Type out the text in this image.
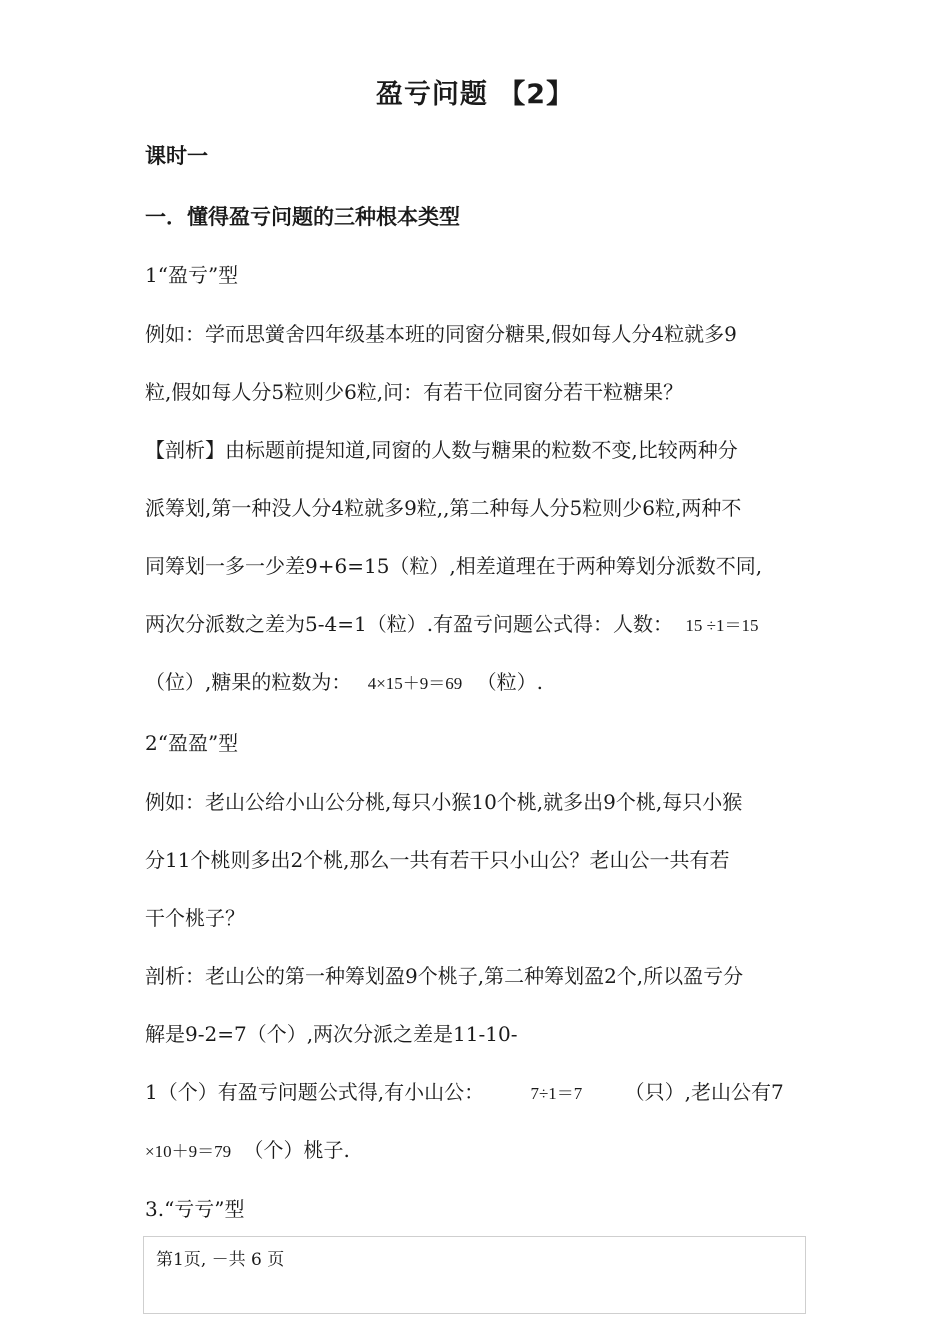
盈亏问题 【2】
课时一
一．懂得盈亏问题的三种根本类型
1“盈亏”型
例如：学而思黉舍四年级基本班的同窗分糖果,假如每人分4粒就多9
粒,假如每人分5粒则少6粒,问：有若干位同窗分若干粒糖果？
【剖析】由标题前提知道,同窗的人数与糖果的粒数不变,比较两种分
派筹划,第一种没人分4粒就多9粒,,第二种每人分5粒则少6粒,两种不
同筹划一多一少差9+6=15（粒）,相差道理在于两种筹划分派数不同,
两次分派数之差为5-4=1（粒）.有盈亏问题公式得：人数： 15 ÷1＝15
（位）,糖果的粒数为： 4×15＋9＝69 （粒）.
2“盈盈”型
例如：老山公给小山公分桃,每只小猴10个桃,就多出9个桃,每只小猴
分11个桃则多出2个桃,那么一共有若干只小山公？老山公一共有若
干个桃子？
剖析：老山公的第一种筹划盈9个桃子,第二种筹划盈2个,所以盈亏分
解是9-2=7（个）,两次分派之差是11-10-
1（个）有盈亏问题公式得,有小山公：	7÷1＝7 （只）,老山公有7
×10＋9＝79 （个）桃子.
3.“亏亏”型
第1页, －共 6 页
